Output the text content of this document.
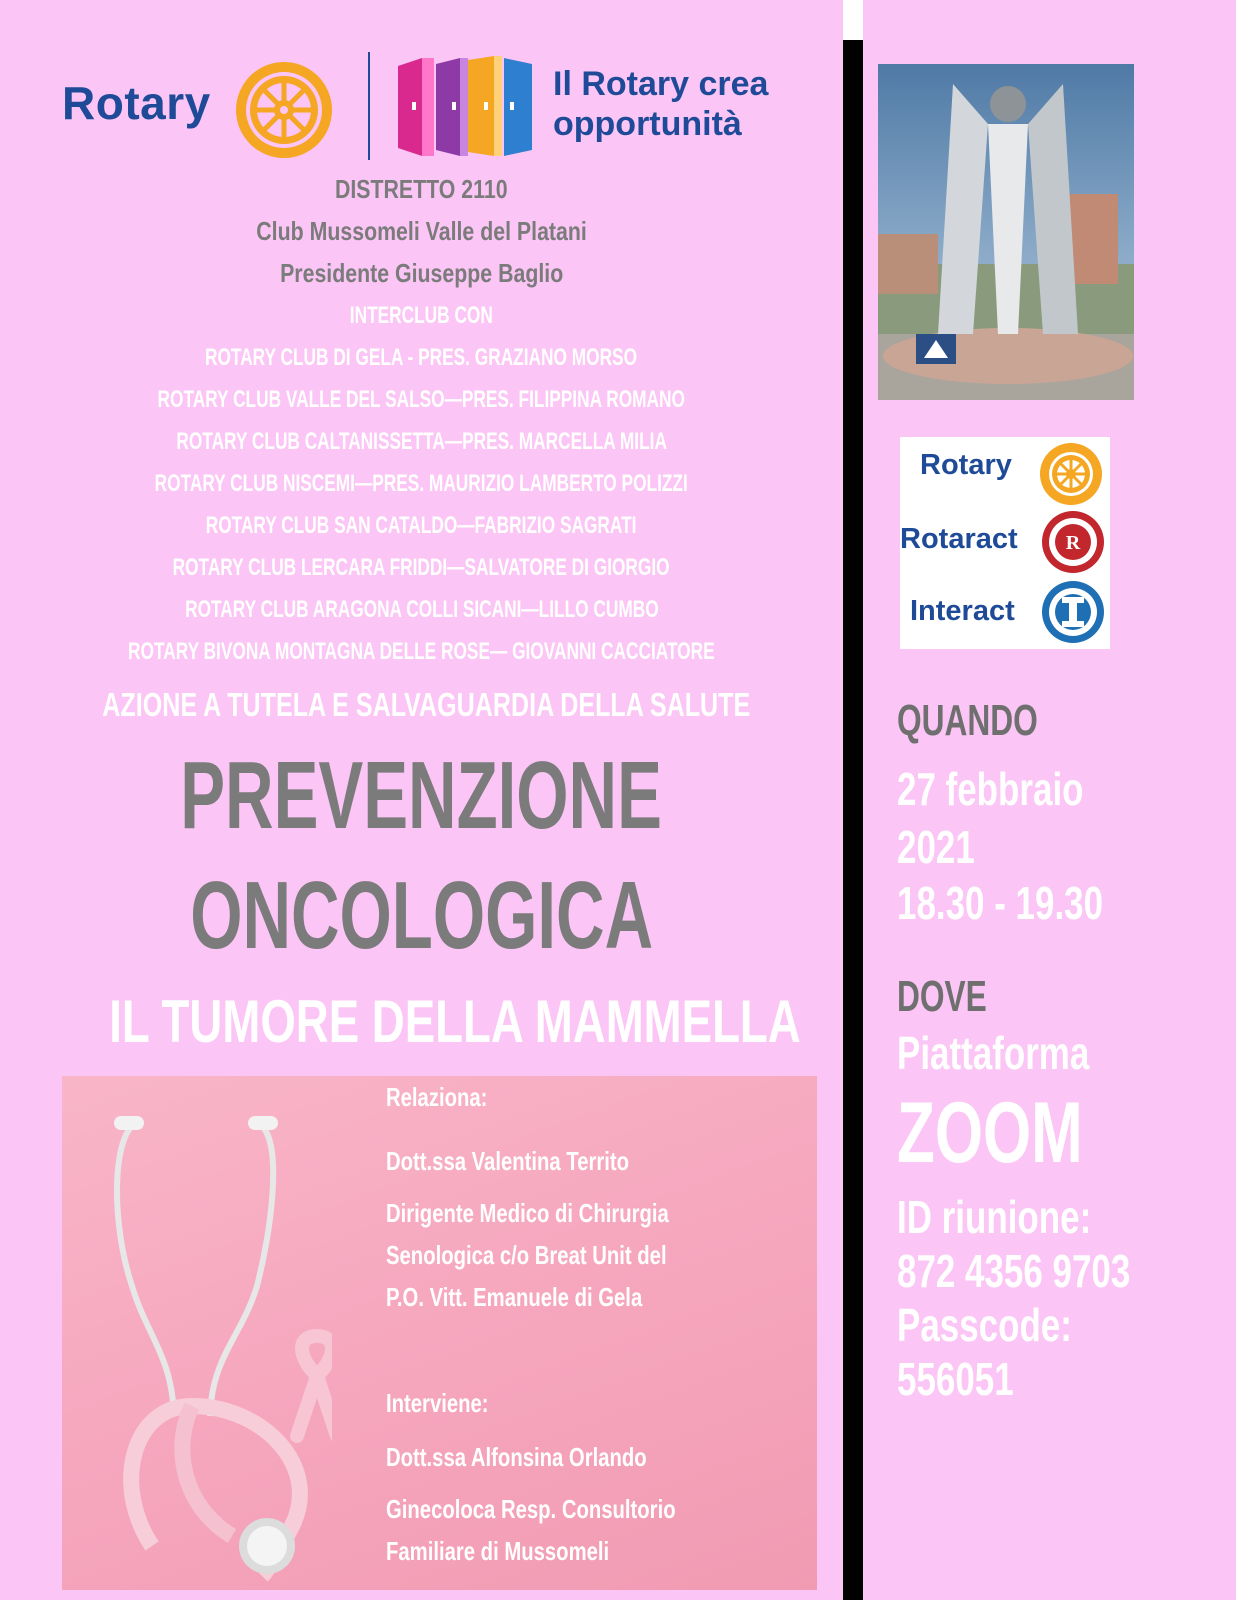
Rotary	Il Rotary crea
opportunità
DISTRETTO 2110
Club Mussomeli Valle del Platani
Presidente Giuseppe Baglio
INTERCLUB CON
ROTARY CLUB DI GELA - PRES. GRAZIANO MORSO
ROTARY CLUB VALLE DEL SALSO—PRES. FILIPPINA ROMANO
ROTARY CLUB CALTANISSETTA—PRES. MARCELLA MILIA
ROTARY CLUB NISCEMI—PRES. MAURIZIO LAMBERTO POLIZZI
ROTARY CLUB SAN CATALDO—FABRIZIO SAGRATI
ROTARY CLUB LERCARA FRIDDI—SALVATORE DI GIORGIO
ROTARY CLUB ARAGONA COLLI SICANI—LILLO CUMBO
ROTARY BIVONA MONTAGNA DELLE ROSE— GIOVANNI CACCIATORE
AZIONE A TUTELA E SALVAGUARDIA DELLA SALUTE
PREVENZIONE
ONCOLOGICA
IL TUMORE DELLA MAMMELLA
Relaziona:
Dott.ssa Valentina Territo
Dirigente Medico di Chirurgia
Senologica c/o Breat Unit del
P.O. Vitt. Emanuele di Gela
Interviene:
Dott.ssa Alfonsina Orlando
Ginecoloca Resp. Consultorio
Familiare di Mussomeli
Rotary
Rotaract R
Interact
QUANDO
27 febbraio
2021
18.30 - 19.30
DOVE
Piattaforma
ZOOM
ID riunione:
872 4356 9703
Passcode:
556051
